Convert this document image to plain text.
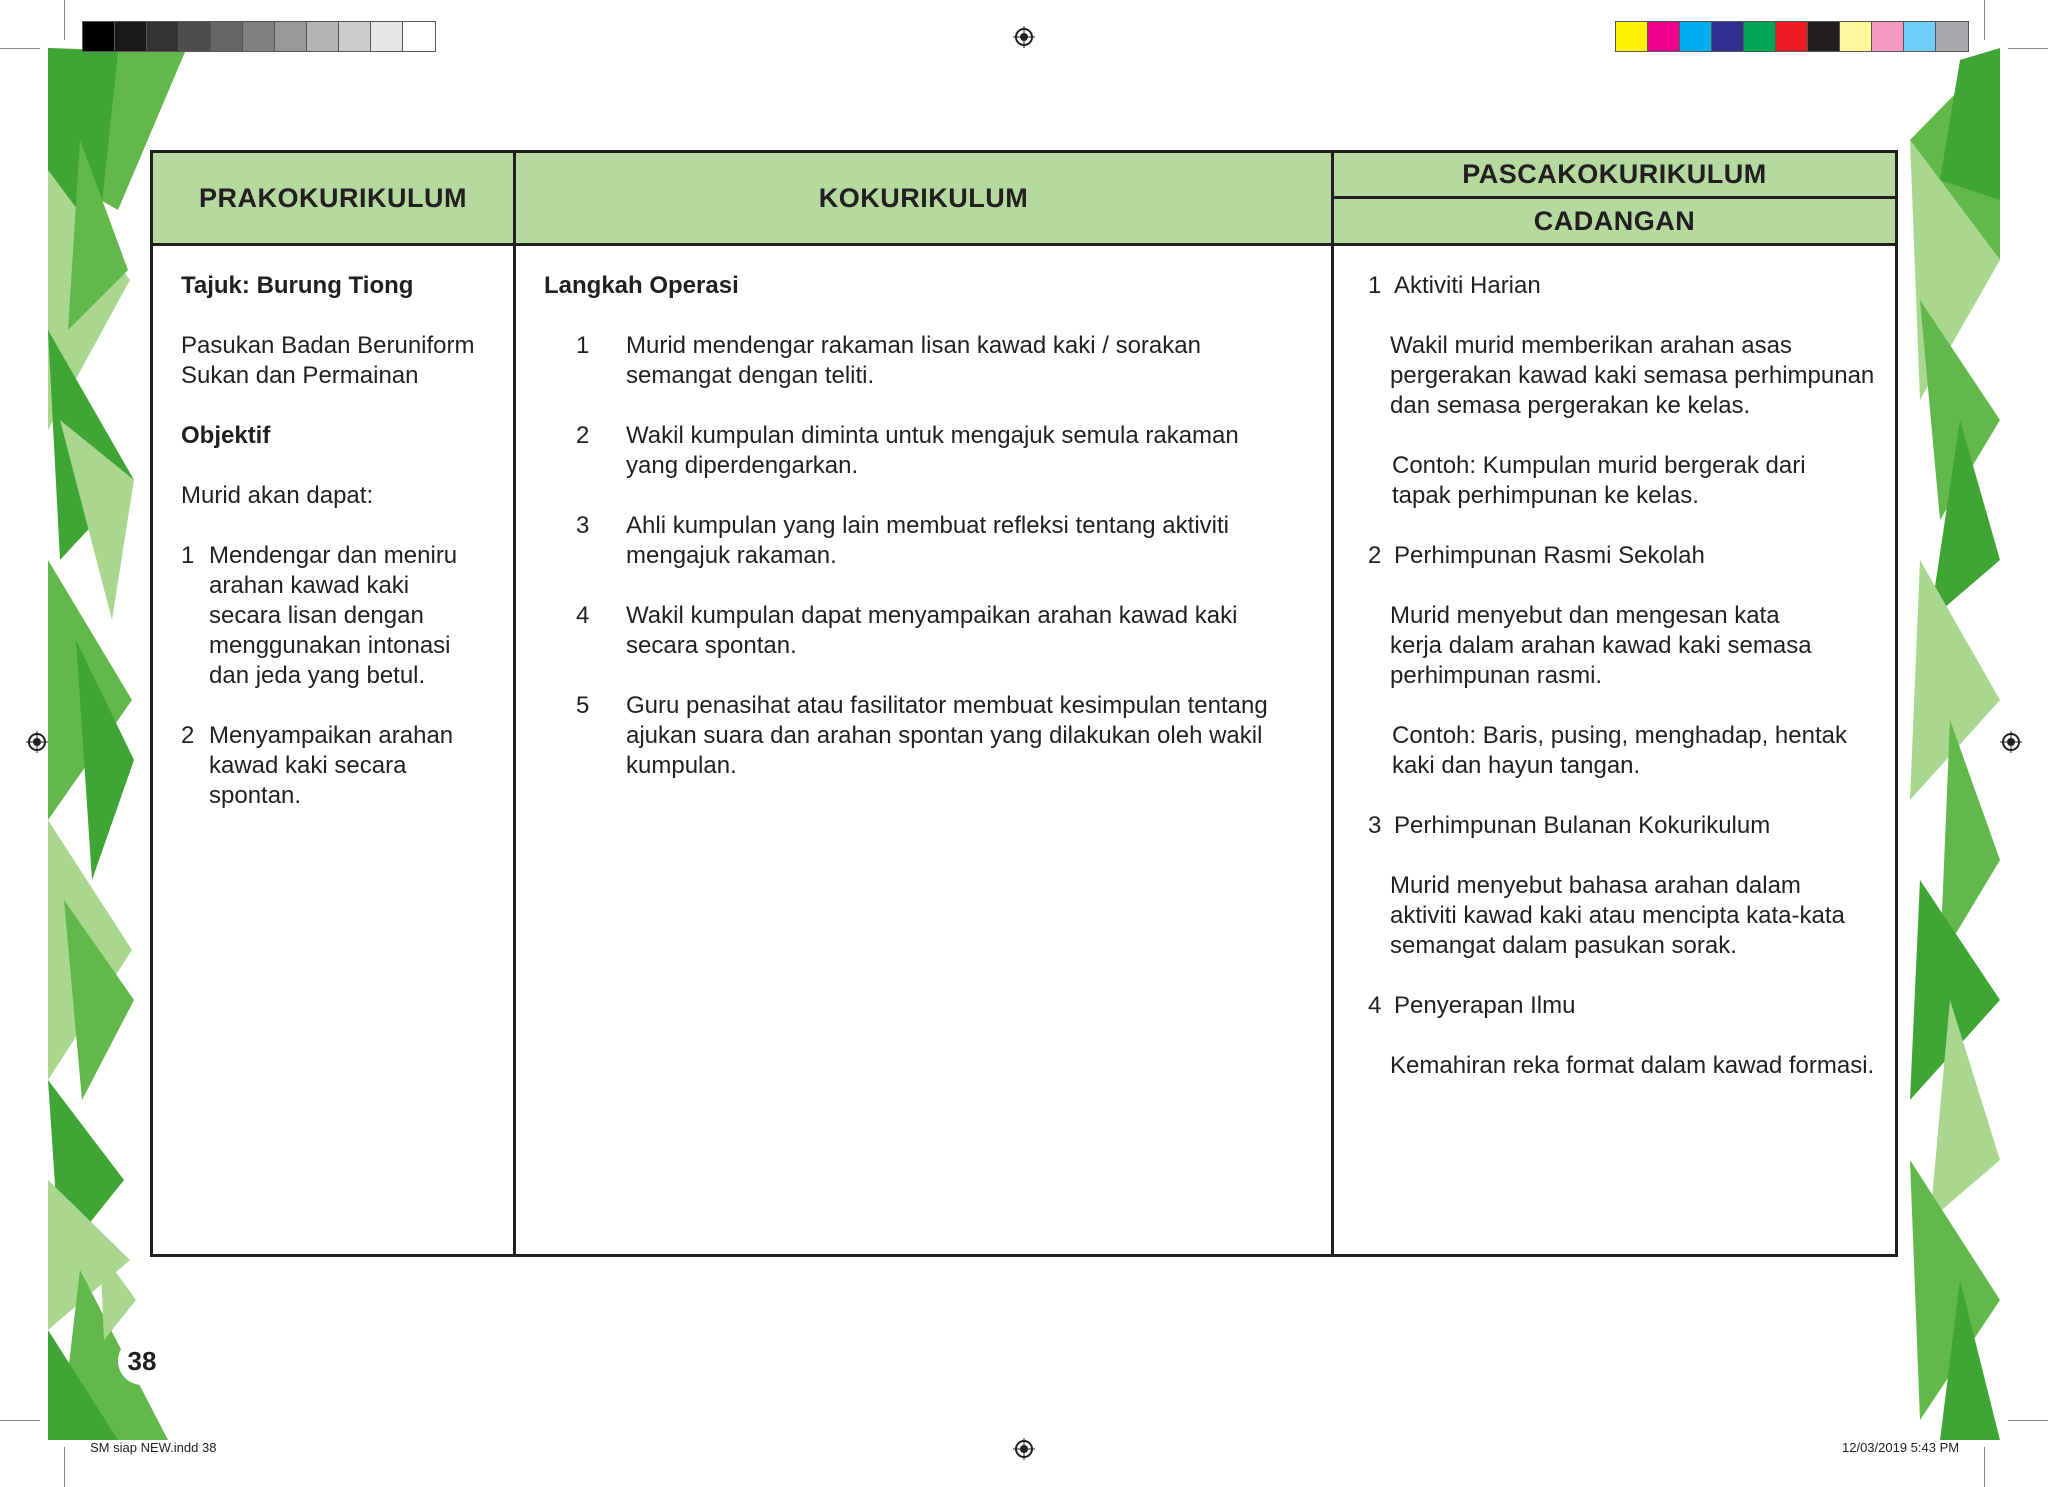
PRAKOKURIKULUM
Tajuk: Burung Tiong
Pasukan Badan Beruniform
Sukan dan Permainan
Objektif
Murid akan dapat:
1 Mendengar dan meniru
arahan kawad kaki
secara lisan dengan
menggunakan intonasi
dan jeda yang betul.
2 Menyampaikan arahan
kawad kaki secara
spontan.
KOKURIKULUM
Langkah Operasi
1 Murid mendengar rakaman lisan kawad kaki / sorakan
semangat dengan teliti.
2 Wakil kumpulan diminta untuk mengajuk semula rakaman
yang diperdengarkan.
3 Ahli kumpulan yang lain membuat refleksi tentang aktiviti
mengajuk rakaman.
4 Wakil kumpulan dapat menyampaikan arahan kawad kaki
secara spontan.
5 Guru penasihat atau fasilitator membuat kesimpulan tentang
ajukan suara dan arahan spontan yang dilakukan oleh wakil
kumpulan.
PASCAKOKURIKULUM
CADANGAN
1 Aktiviti Harian
Wakil murid memberikan arahan asas
pergerakan kawad kaki semasa perhimpunan
dan semasa pergerakan ke kelas.
Contoh: Kumpulan murid bergerak dari
tapak perhimpunan ke kelas.
2 Perhimpunan Rasmi Sekolah
Murid menyebut dan mengesan kata
kerja dalam arahan kawad kaki semasa
perhimpunan rasmi.
Contoh: Baris, pusing, menghadap, hentak
kaki dan hayun tangan.
3 Perhimpunan Bulanan Kokurikulum
Murid menyebut bahasa arahan dalam
aktiviti kawad kaki atau mencipta kata-kata
semangat dalam pasukan sorak.
4 Penyerapan Ilmu
Kemahiran reka format dalam kawad formasi.
38
SM siap NEW.indd 38	12/03/2019 5:43 PM
